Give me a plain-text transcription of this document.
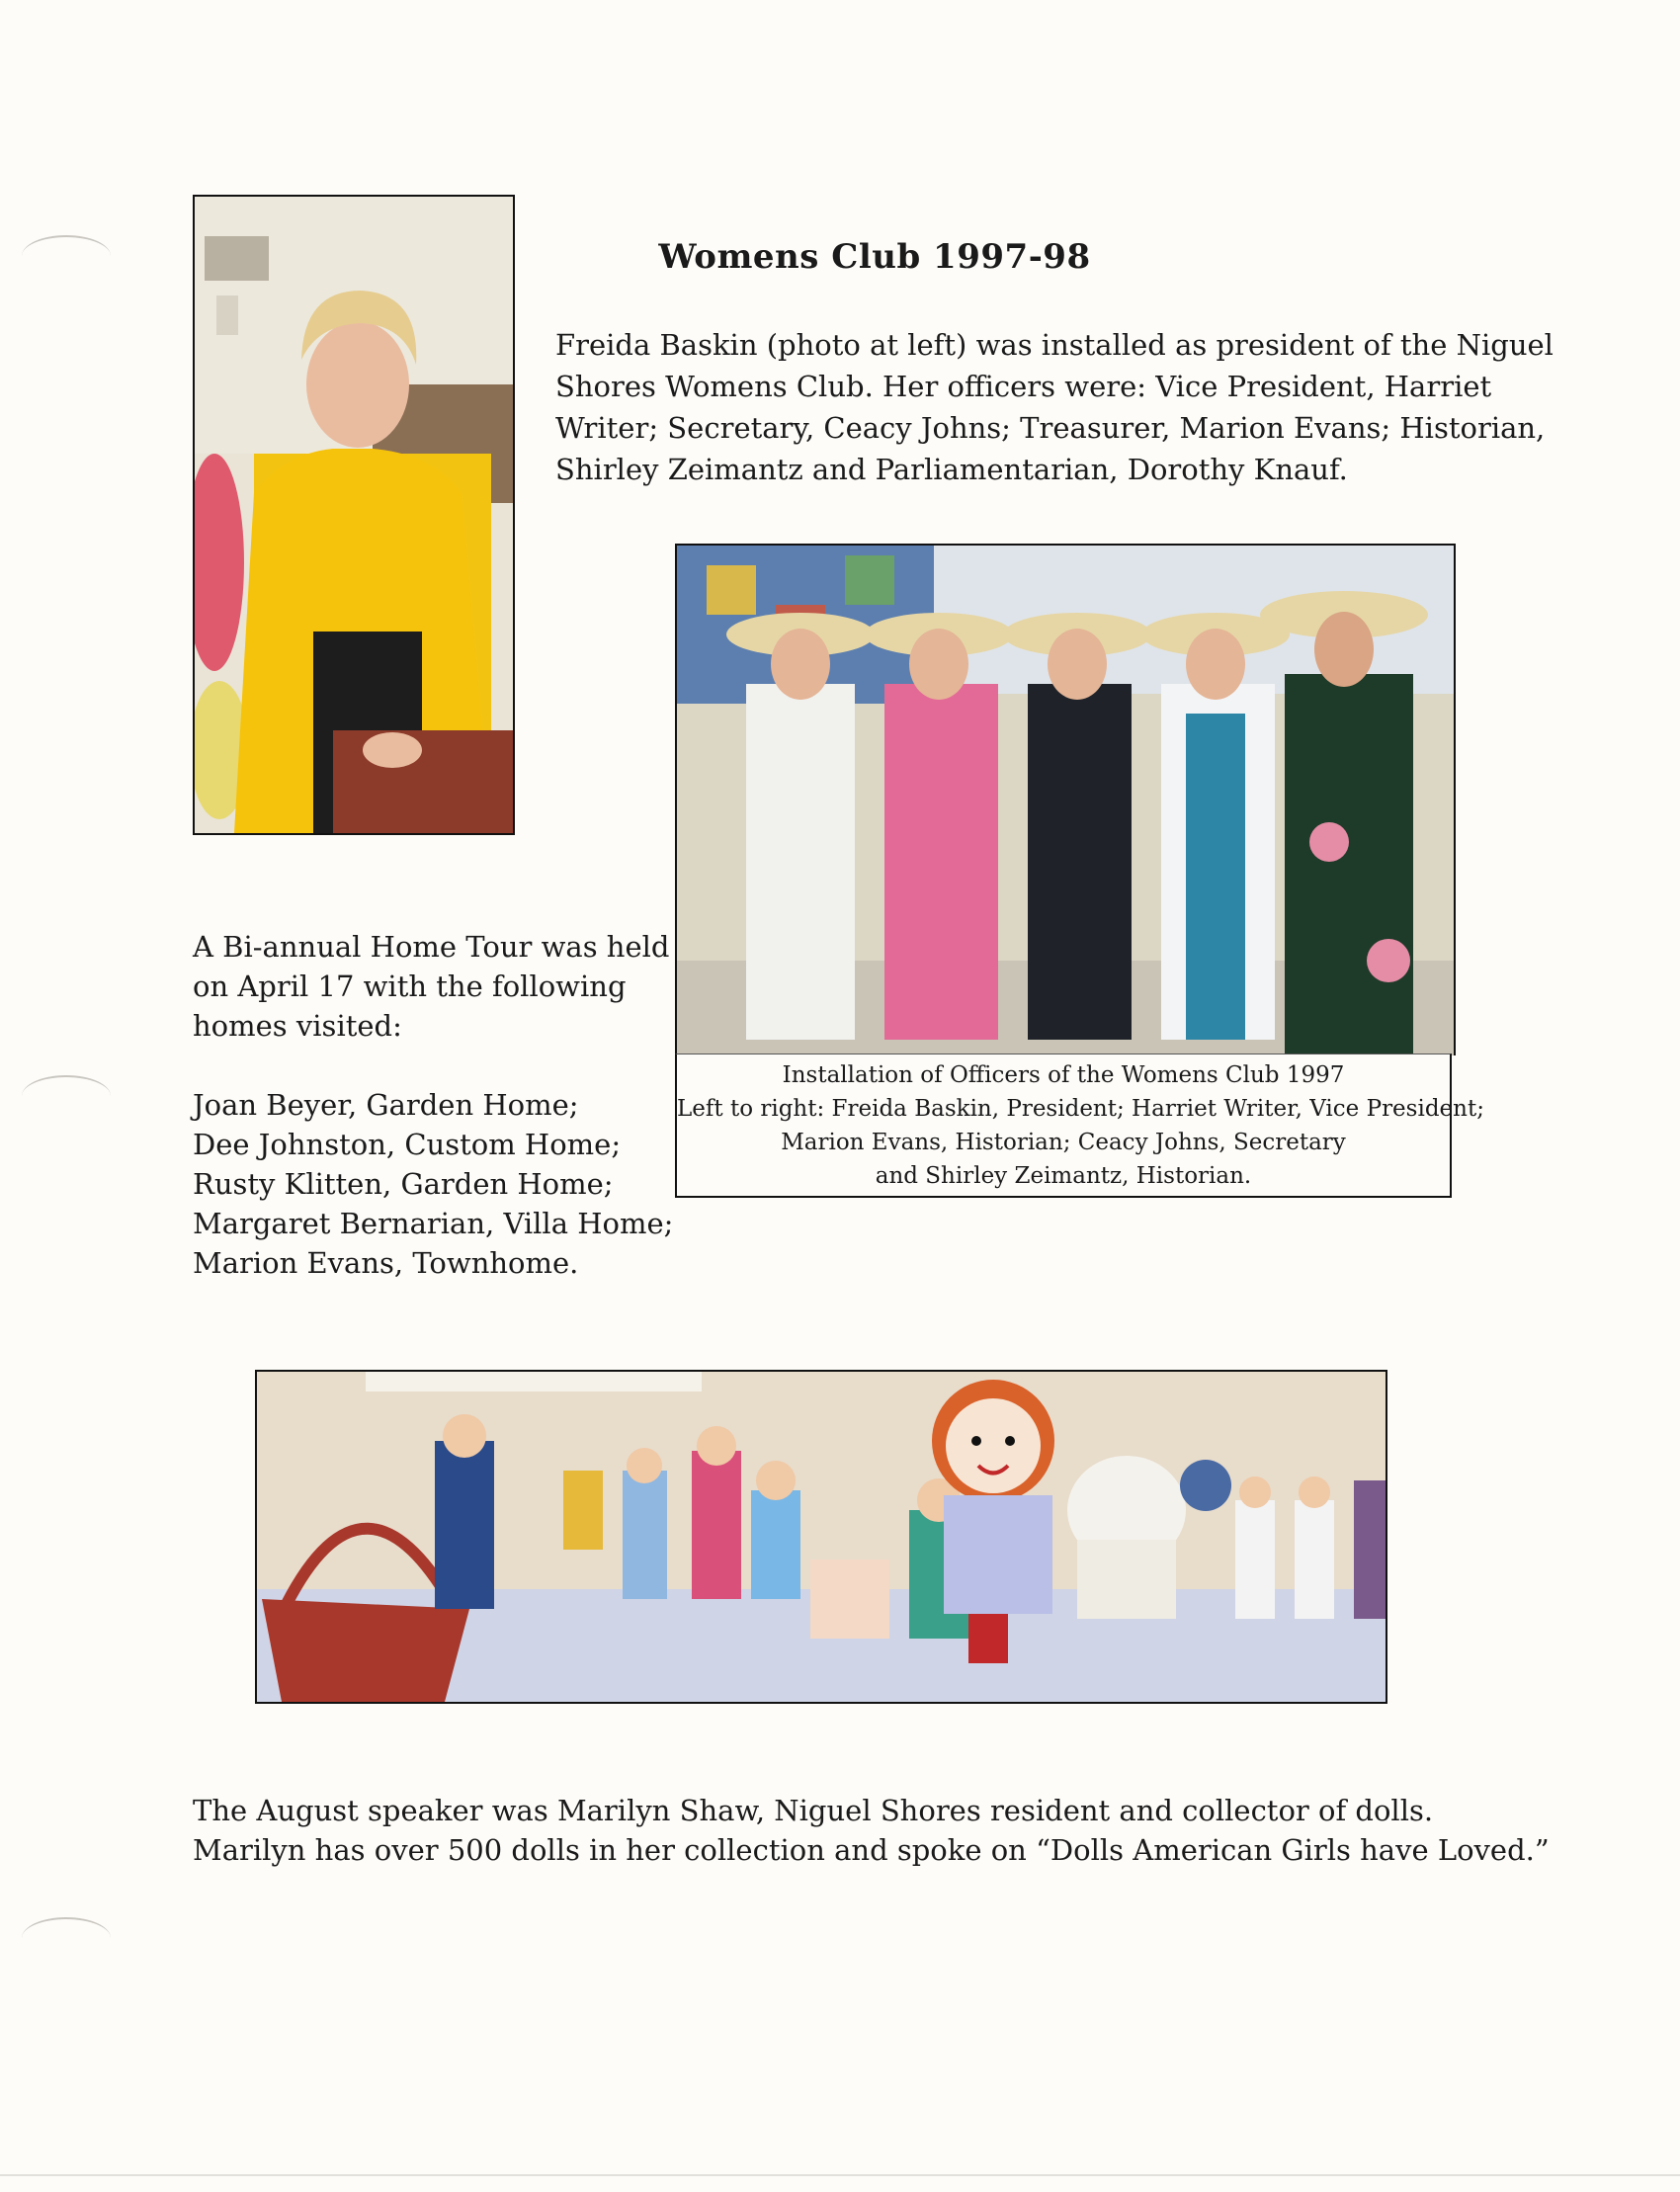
Womens Club 1997-98
Freida Baskin (photo at left) was installed as president of the Niguel
Shores Womens Club. Her officers were: Vice President, Harriet
Writer; Secretary, Ceacy Johns; Treasurer, Marion Evans; Historian,
Shirley Zeimantz and Parliamentarian, Dorothy Knauf.
Installation of Officers of the Womens Club 1997
Left to right: Freida Baskin, President; Harriet Writer, Vice President;
Marion Evans, Historian; Ceacy Johns, Secretary
and Shirley Zeimantz, Historian.
A Bi-annual Home Tour was held
on April 17 with the following
homes visited:
Joan Beyer, Garden Home;
Dee Johnston, Custom Home;
Rusty Klitten, Garden Home;
Margaret Bernarian, Villa Home;
Marion Evans, Townhome.
The August speaker was Marilyn Shaw, Niguel Shores resident and collector of dolls.
Marilyn has over 500 dolls in her collection and spoke on “Dolls American Girls have Loved.”
